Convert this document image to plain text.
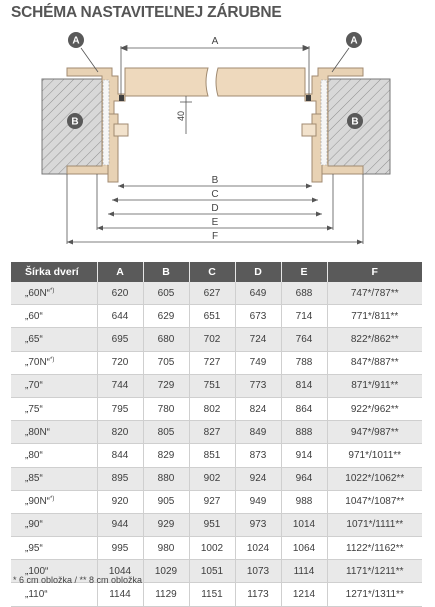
SCHÉMA NASTAVITEĽNEJ ZÁRUBNE
A
40
B
C
D
E
F
A
B
A
B
Šírka dverí	A	B	C	D	E	F
„60N“*)	620	605	627	649	688	747*/787**
„60“	644	629	651	673	714	771*/811**
„65“	695	680	702	724	764	822*/862**
„70N“*)	720	705	727	749	788	847*/887**
„70“	744	729	751	773	814	871*/911**
„75“	795	780	802	824	864	922*/962**
„80N“	820	805	827	849	888	947*/987**
„80“	844	829	851	873	914	971*/1011**
„85“	895	880	902	924	964	1022*/1062**
„90N“*)	920	905	927	949	988	1047*/1087**
„90“	944	929	951	973	1014	1071*/1111**
„95“	995	980	1002	1024	1064	1122*/1162**
„100“	1044	1029	1051	1073	1114	1171*/1211**
„110“	1144	1129	1151	1173	1214	1271*/1311**

* 6 cm obložka / ** 8 cm obložka
